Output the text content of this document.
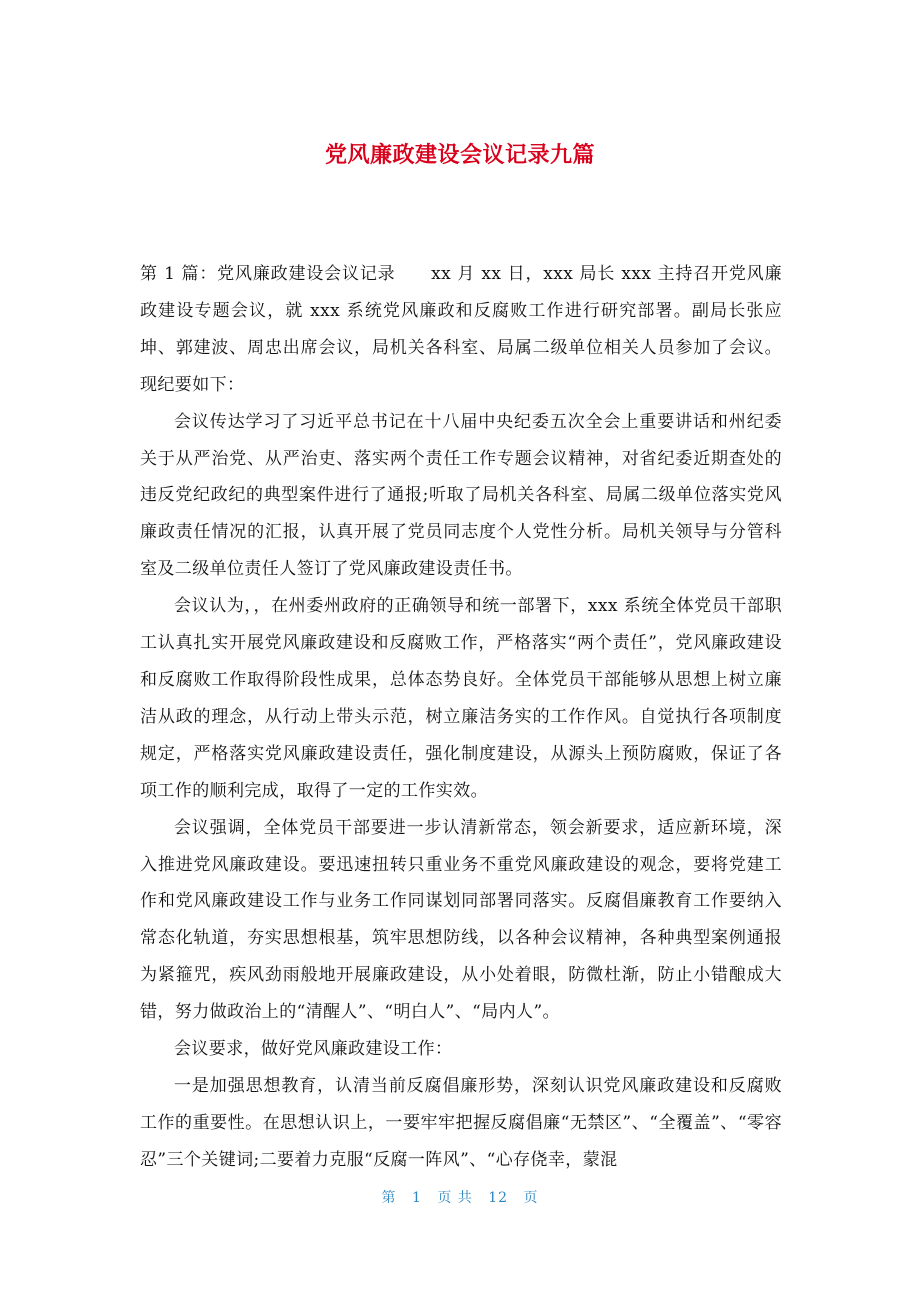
党风廉政建设会议记录九篇

第 1 篇：党风廉政建设会议记录　　xx 月 xx 日，xxx 局长 xxx 主持召开党风廉政建设专题会议，就 xxx 系统党风廉政和反腐败工作进行研究部署。副局长张应坤、郭建波、周忠出席会议，局机关各科室、局属二级单位相关人员参加了会议。现纪要如下：

会议传达学习了习近平总书记在十八届中央纪委五次全会上重要讲话和州纪委关于从严治党、从严治吏、落实两个责任工作专题会议精神，对省纪委近期查处的违反党纪政纪的典型案件进行了通报;听取了局机关各科室、局属二级单位落实党风廉政责任情况的汇报，认真开展了党员同志度个人党性分析。局机关领导与分管科室及二级单位责任人签订了党风廉政建设责任书。

会议认为，，在州委州政府的正确领导和统一部署下，xxx 系统全体党员干部职工认真扎实开展党风廉政建设和反腐败工作，严格落实“两个责任”，党风廉政建设和反腐败工作取得阶段性成果，总体态势良好。全体党员干部能够从思想上树立廉洁从政的理念，从行动上带头示范，树立廉洁务实的工作作风。自觉执行各项制度规定，严格落实党风廉政建设责任，强化制度建设，从源头上预防腐败，保证了各项工作的顺利完成，取得了一定的工作实效。

会议强调，全体党员干部要进一步认清新常态，领会新要求，适应新环境，深入推进党风廉政建设。要迅速扭转只重业务不重党风廉政建设的观念，要将党建工作和党风廉政建设工作与业务工作同谋划同部署同落实。反腐倡廉教育工作要纳入常态化轨道，夯实思想根基，筑牢思想防线，以各种会议精神，各种典型案例通报为紧箍咒，疾风劲雨般地开展廉政建设，从小处着眼，防微杜渐，防止小错酿成大错，努力做政治上的“清醒人”、“明白人”、“局内人”。

会议要求，做好党风廉政建设工作：

一是加强思想教育，认清当前反腐倡廉形势，深刻认识党风廉政建设和反腐败工作的重要性。在思想认识上，一要牢牢把握反腐倡廉“无禁区”、“全覆盖”、“零容忍”三个关键词;二要着力克服“反腐一阵风”、“心存侥幸，蒙混

第 1 页 共 12 页
